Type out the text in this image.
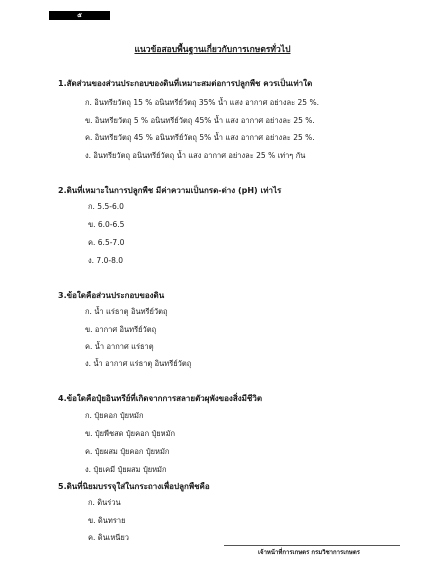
๕
แนวข้อสอบพื้นฐานเกี่ยวกับการเกษตรทั่วไป
1.สัดส่วนของส่วนประกอบของดินที่เหมาะสมต่อการปลูกพืช ควรเป็นเท่าใด
ก. อินทรียวัตถุ 15 % อนินทรีย์วัตถุ 35% น้ำ แสง อากาศ อย่างละ 25 %.
ข. อินทรียวัตถุ 5 % อนินทรีย์วัตถุ 45% น้ำ แสง อากาศ อย่างละ 25 %.
ค. อินทรียวัตถุ 45 % อนินทรีย์วัตถุ 5% น้ำ แสง อากาศ อย่างละ 25 %.
ง. อินทรียวัตถุ อนินทรีย์วัตถุ น้ำ แสง อากาศ อย่างละ 25 % เท่าๆ กัน
2.ดินที่เหมาะในการปลูกพืช มีค่าความเป็นกรด-ด่าง (pH) เท่าไร
ก. 5.5-6.0
ข. 6.0-6.5
ค. 6.5-7.0
ง. 7.0-8.0
3.ข้อใดคือส่วนประกอบของดิน
ก. น้ำ แร่ธาตุ อินทรีย์วัตถุ
ข. อากาศ อินทรีย์วัตถุ
ค. น้ำ อากาศ แร่ธาตุ
ง. น้ำ อากาศ แร่ธาตุ อินทรีย์วัตถุ
4.ข้อใดคือปุ๋ยอินทรีย์ที่เกิดจากการสลายตัวผุพังของสิ่งมีชีวิต
ก. ปุ๋ยคอก ปุ๋ยหมัก
ข. ปุ๋ยพืชสด ปุ๋ยคอก ปุ๋ยหมัก
ค. ปุ๋ยผสม ปุ๋ยคอก ปุ๋ยหมัก
ง. ปุ๋ยเคมี ปุ๋ยผสม ปุ๋ยหมัก
5.ดินที่นิยมบรรจุใส่ในกระถางเพื่อปลูกพืชคือ
ก. ดินร่วน
ข. ดินทราย
ค. ดินเหนียว
เจ้าหน้าที่การเกษตร กรมวิชาการเกษตร
